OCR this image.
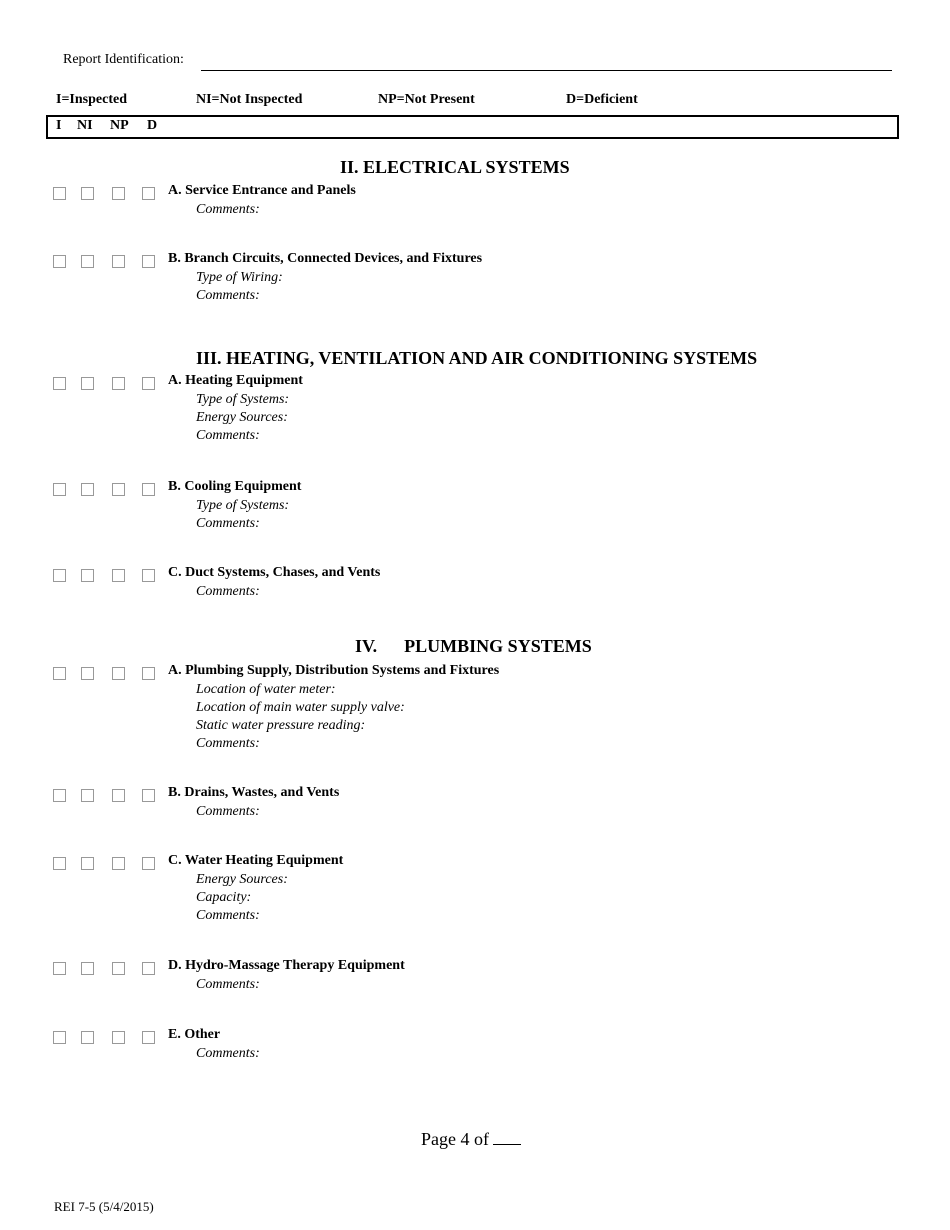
Report Identification:
I=Inspected	NI=Not Inspected	NP=Not Present	D=Deficient
I NI NP D
II. ELECTRICAL SYSTEMS
III. HEATING, VENTILATION AND AIR CONDITIONING SYSTEMS
IV.      PLUMBING SYSTEMS
A. Service Entrance and Panels
Comments:
B. Branch Circuits, Connected Devices, and Fixtures
Type of Wiring:
Comments:
A. Heating Equipment
Type of Systems:
Energy Sources:
Comments:
B. Cooling Equipment
Type of Systems:
Comments:
C. Duct Systems, Chases, and Vents
Comments:
A. Plumbing Supply, Distribution Systems and Fixtures
Location of water meter:
Location of main water supply valve:
Static water pressure reading:
Comments:
B. Drains, Wastes, and Vents
Comments:
C. Water Heating Equipment
Energy Sources:
Capacity:
Comments:
D. Hydro-Massage Therapy Equipment
Comments:
E. Other
Comments:
Page 4 of
REI 7-5 (5/4/2015)
